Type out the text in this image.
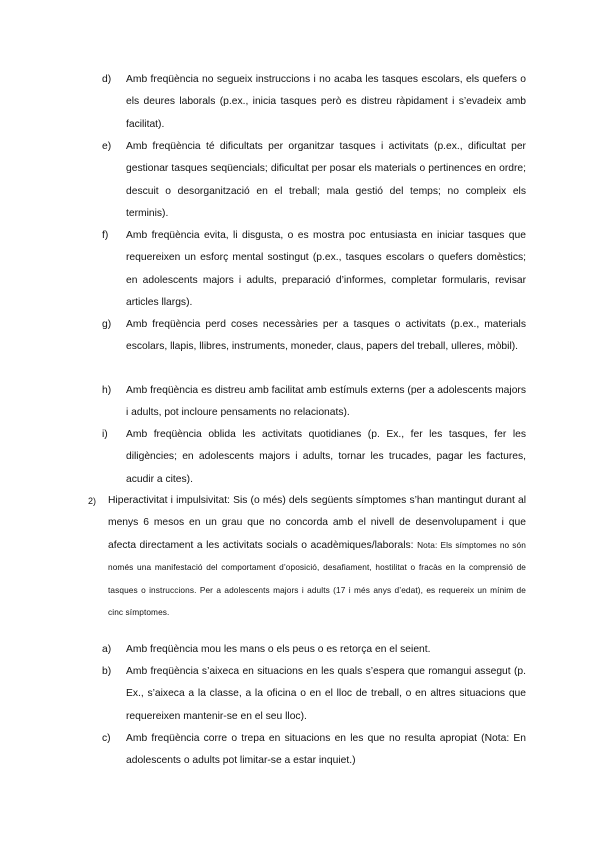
d) Amb freqüència no segueix instruccions i no acaba les tasques escolars, els quefers o els deures laborals (p.ex., inicia tasques però es distreu ràpidament i s’evadeix amb facilitat).
e) Amb freqüència té dificultats per organitzar tasques i activitats (p.ex., dificultat per gestionar tasques seqüencials; dificultat per posar els materials o pertinences en ordre; descuit o desorganització en el treball; mala gestió del temps; no compleix els terminis).
f) Amb freqüència evita, li disgusta, o es mostra poc entusiasta en iniciar tasques que requereixen un esforç mental sostingut (p.ex., tasques escolars o quefers domèstics; en adolescents majors i adults, preparació d’informes, completar formularis, revisar articles llargs).
g) Amb freqüència perd coses necessàries per a tasques o activitats (p.ex., materials escolars, llapis, llibres, instruments, moneder, claus, papers del treball, ulleres, mòbil).
h) Amb freqüència es distreu amb facilitat amb estímuls externs (per a adolescents majors i adults, pot incloure pensaments no relacionats).
i) Amb freqüència oblida les activitats quotidianes (p. Ex., fer les tasques, fer les diligències; en adolescents majors i adults, tornar les trucades, pagar les factures, acudir a cites).
2) Hiperactivitat i impulsivitat: Sis (o més) dels següents símptomes s’han mantingut durant al menys 6 mesos en un grau que no concorda amb el nivell de desenvolupament i que afecta directament a les activitats socials o acadèmiques/laborals: Nota: Els símptomes no són només una manifestació del comportament d’oposició, desafiament, hostilitat o fracàs en la comprensió de tasques o instruccions. Per a adolescents majors i adults (17 i més anys d’edat), es requereix un mínim de cinc símptomes.
a) Amb freqüència mou les mans o els peus o es retorça en el seient.
b) Amb freqüència s’aixeca en situacions en les quals s’espera que romangui assegut (p. Ex., s’aixeca a la classe, a la oficina o en el lloc de treball, o en altres situacions que requereixen mantenir-se en el seu lloc).
c) Amb freqüència corre o trepa en situacions en les que no resulta apropiat (Nota: En adolescents o adults pot limitar-se a estar inquiet.)
